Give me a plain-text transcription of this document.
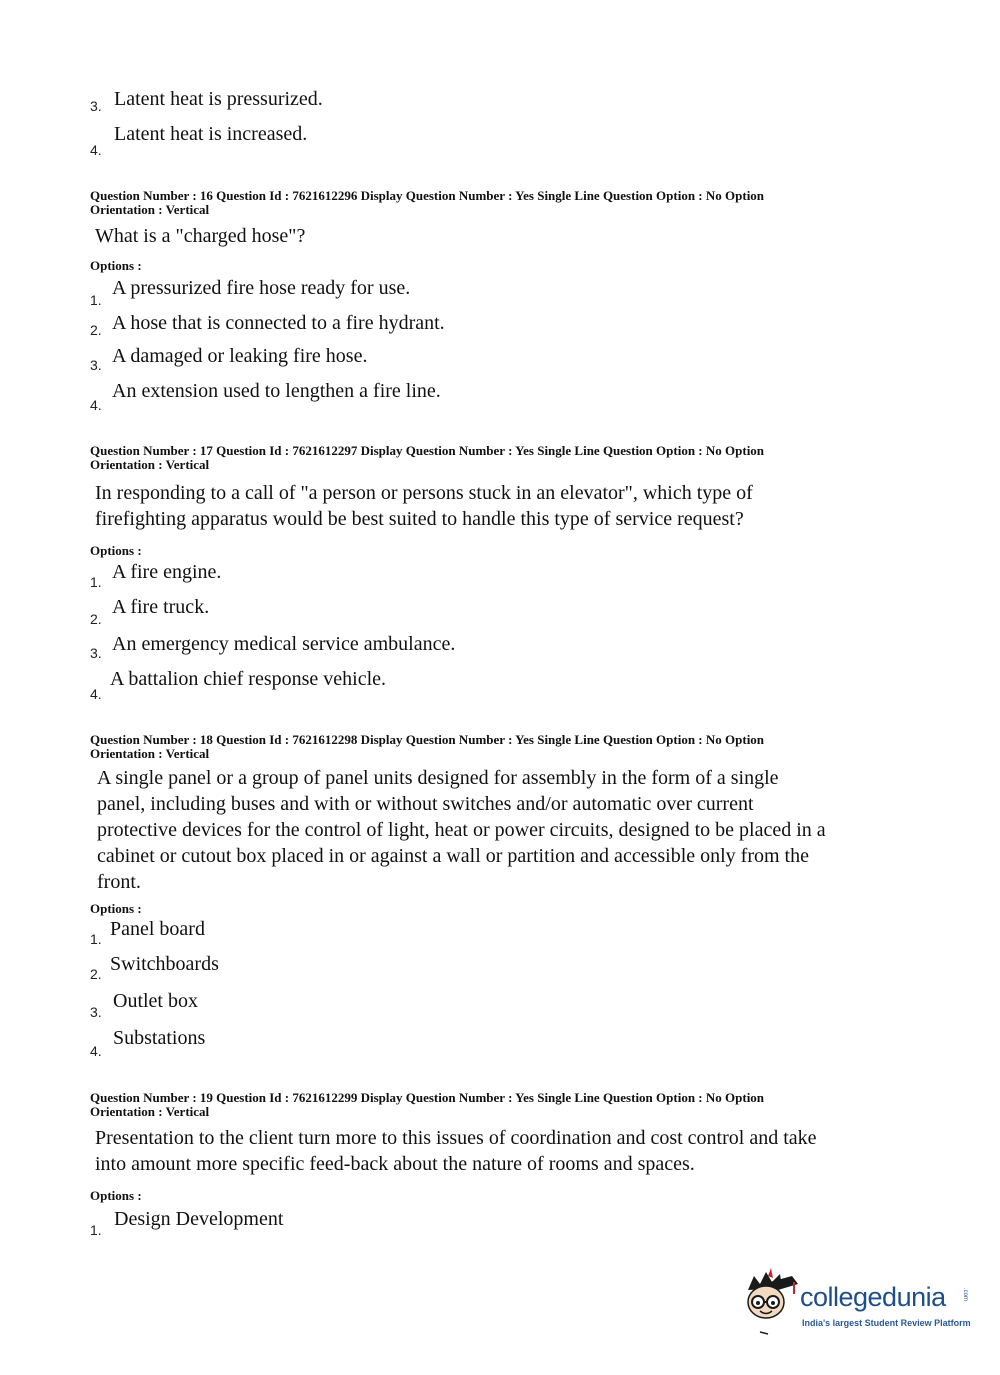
3. Latent heat is pressurized.
4.
Latent heat is increased.
Question Number : 16 Question Id : 7621612296 Display Question Number : Yes Single Line Question Option : No Option
Orientation : Vertical
What is a "charged hose"?
Options :
1.
A pressurized fire hose ready for use.
2. A hose that is connected to a fire hydrant.
3. A damaged or leaking fire hose.
4.
An extension used to lengthen a fire line.
Question Number : 17 Question Id : 7621612297 Display Question Number : Yes Single Line Question Option : No Option
Orientation : Vertical
In responding to a call of "a person or persons stuck in an elevator", which type of
firefighting apparatus would be best suited to handle this type of service request?
Options :
1. A fire engine.
2.
A fire truck.
3. An emergency medical service ambulance.
4.
A battalion chief response vehicle.
Question Number : 18 Question Id : 7621612298 Display Question Number : Yes Single Line Question Option : No Option
Orientation : Vertical
A single panel or a group of panel units designed for assembly in the form of a single
panel, including buses and with or without switches and/or automatic over current
protective devices for the control of light, heat or power circuits, designed to be placed in a
cabinet or cutout box placed in or against a wall or partition and accessible only from the
front.
Options :
1. Panel board
2. Switchboards
3. Outlet box
4.
Substations
Question Number : 19 Question Id : 7621612299 Display Question Number : Yes Single Line Question Option : No Option
Orientation : Vertical
Presentation to the client turn more to this issues of coordination and cost control and take
into amount more specific feed-back about the nature of rooms and spaces.
Options :
1. Design Development
collegedunia	.com
India's largest Student Review Platform
